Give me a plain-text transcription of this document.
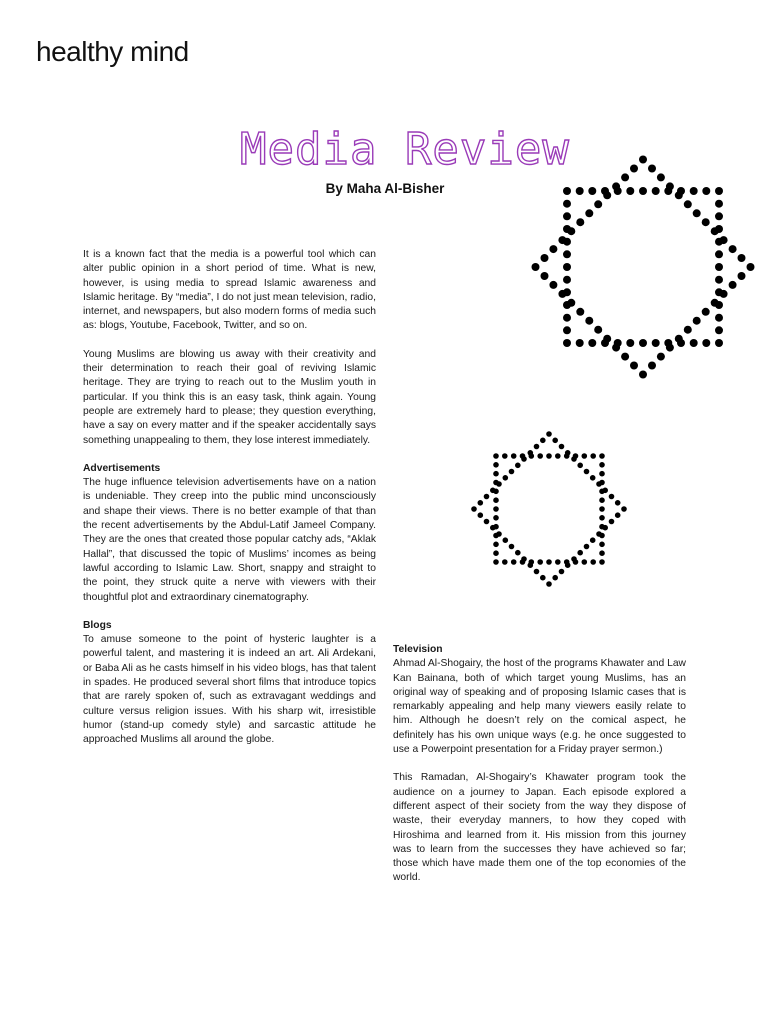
healthy mind
Media Review
By Maha Al-Bisher

It is a known fact that the media is a powerful tool which can alter public opinion in a short period of time. What is new, however, is using media to spread Islamic awareness and Islamic heritage. By “media”, I do not just mean television, radio, internet, and newspapers, but also modern forms of media such as: blogs, Youtube, Facebook, Twitter, and so on.

Young Muslims are blowing us away with their creativity and their determination to reach their goal of reviving Islamic heritage. They are trying to reach out to the Muslim youth in particular. If you think this is an easy task, think again. Young people are extremely hard to please; they question everything, have a say on every matter and if the speaker accidentally says something unappealing to them, they lose interest immediately.

Advertisements

The huge influence television advertisements have on a nation is undeniable. They creep into the public mind unconsciously and shape their views. There is no better example of that than the recent advertisements by the Abdul-Latif Jameel Company. They are the ones that created those popular catchy ads, “Aklak Hallal”, that discussed the topic of Muslims’ incomes as being lawful according to Islamic Law. Short, snappy and straight to the point, they struck quite a nerve with viewers with their thoughtful plot and extraordinary cinematography.

Blogs

To amuse someone to the point of hysteric laughter is a powerful talent, and mastering it is indeed an art. Ali Ardekani, or Baba Ali as he casts himself in his video blogs, has that talent in spades. He produced several short films that introduce topics that are rarely spoken of, such as extravagant weddings and culture versus religion issues. With his sharp wit, irresistible humor (stand-up comedy style) and sarcastic attitude he approached Muslims all around the globe.

Television

Ahmad Al-Shogairy, the host of the programs Khawater and Law Kan Bainana, both of which target young Muslims, has an original way of speaking and of proposing Islamic cases that is remarkably appealing and help many viewers easily relate to him. Although he doesn’t rely on the comical aspect, he definitely has his own unique ways (e.g. he once suggested to use a Powerpoint presentation for a Friday prayer sermon.)

This Ramadan, Al-Shogairy’s Khawater program took the audience on a journey to Japan. Each episode explored a different aspect of their society from the way they dispose of waste, their everyday manners, to how they coped with Hiroshima and learned from it. His mission from this journey was to learn from the successes they have achieved so far; those which have made them one of the top economies of the world.
